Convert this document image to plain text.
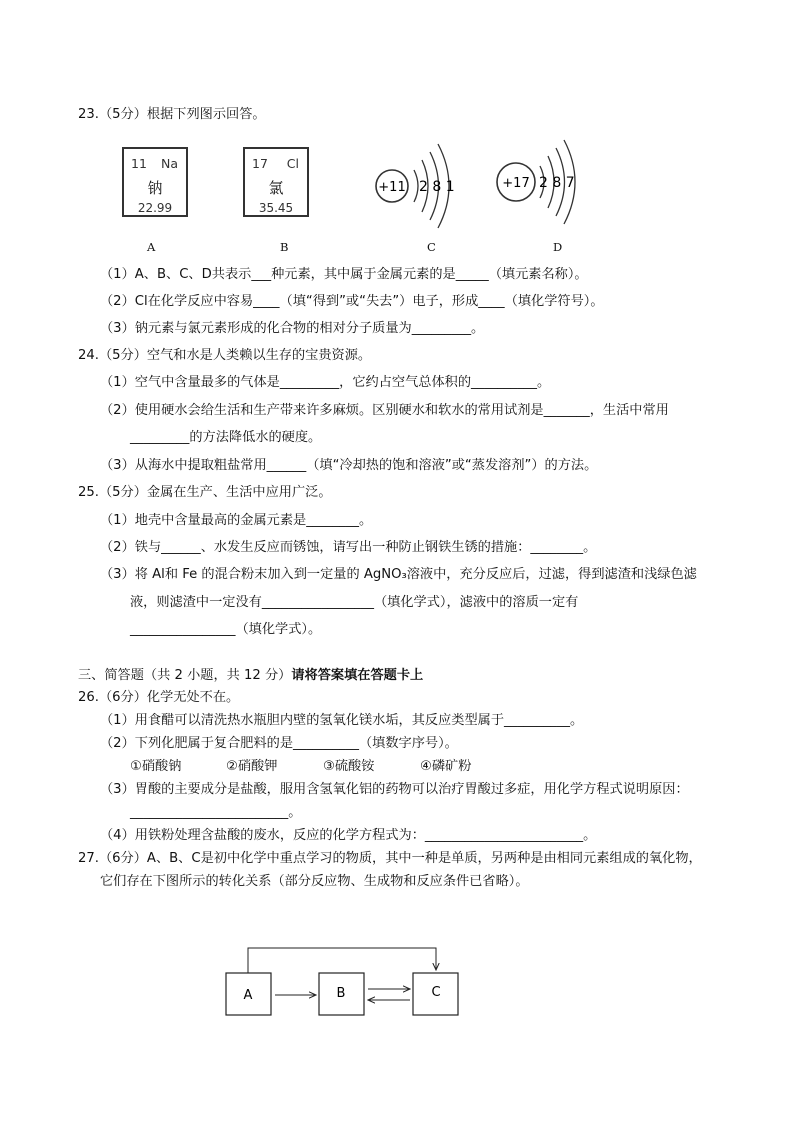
23.（5分）根据下列图示回答。
11 Na
钠
22.99
17 Cl
氯
35.45
+11 2 8 1	+17 2 8 7
A	B	C	D
（1）A、B、C、D共表示___种元素，其中属于金属元素的是_____（填元素名称）。
（2）Cl在化学反应中容易____（填“得到”或“失去”）电子，形成____（填化学符号）。
（3）钠元素与氯元素形成的化合物的相对分子质量为_________。
24.（5分）空气和水是人类赖以生存的宝贵资源。
（1）空气中含量最多的气体是_________，它约占空气总体积的__________。
（2）使用硬水会给生活和生产带来许多麻烦。区别硬水和软水的常用试剂是_______，生活中常用
_________的方法降低水的硬度。
（3）从海水中提取粗盐常用______（填“冷却热的饱和溶液”或“蒸发溶剂”）的方法。
25.（5分）金属在生产、生活中应用广泛。
（1）地壳中含量最高的金属元素是________。
（2）铁与______、水发生反应而锈蚀，请写出一种防止钢铁生锈的措施：________。
（3）将 Al和 Fe 的混合粉末加入到一定量的 AgNO₃溶液中，充分反应后，过滤，得到滤渣和浅绿色滤
液，则滤渣中一定没有_________________（填化学式），滤液中的溶质一定有
________________（填化学式）。
三、简答题（共 2 小题，共 12 分）请将答案填在答题卡上
26.（6分）化学无处不在。
（1）用食醋可以清洗热水瓶胆内壁的氢氧化镁水垢，其反应类型属于__________。
（2）下列化肥属于复合肥料的是__________（填数字序号）。
①硝酸钠	②硝酸钾	③硫酸铵	④磷矿粉
（3）胃酸的主要成分是盐酸，服用含氢氧化铝的药物可以治疗胃酸过多症，用化学方程式说明原因：
________________________。
（4）用铁粉处理含盐酸的废水，反应的化学方程式为：________________________。
27.（6分）A、B、C是初中化学中重点学习的物质，其中一种是单质，另两种是由相同元素组成的氧化物，
它们存在下图所示的转化关系（部分反应物、生成物和反应条件已省略）。
A	B	C
